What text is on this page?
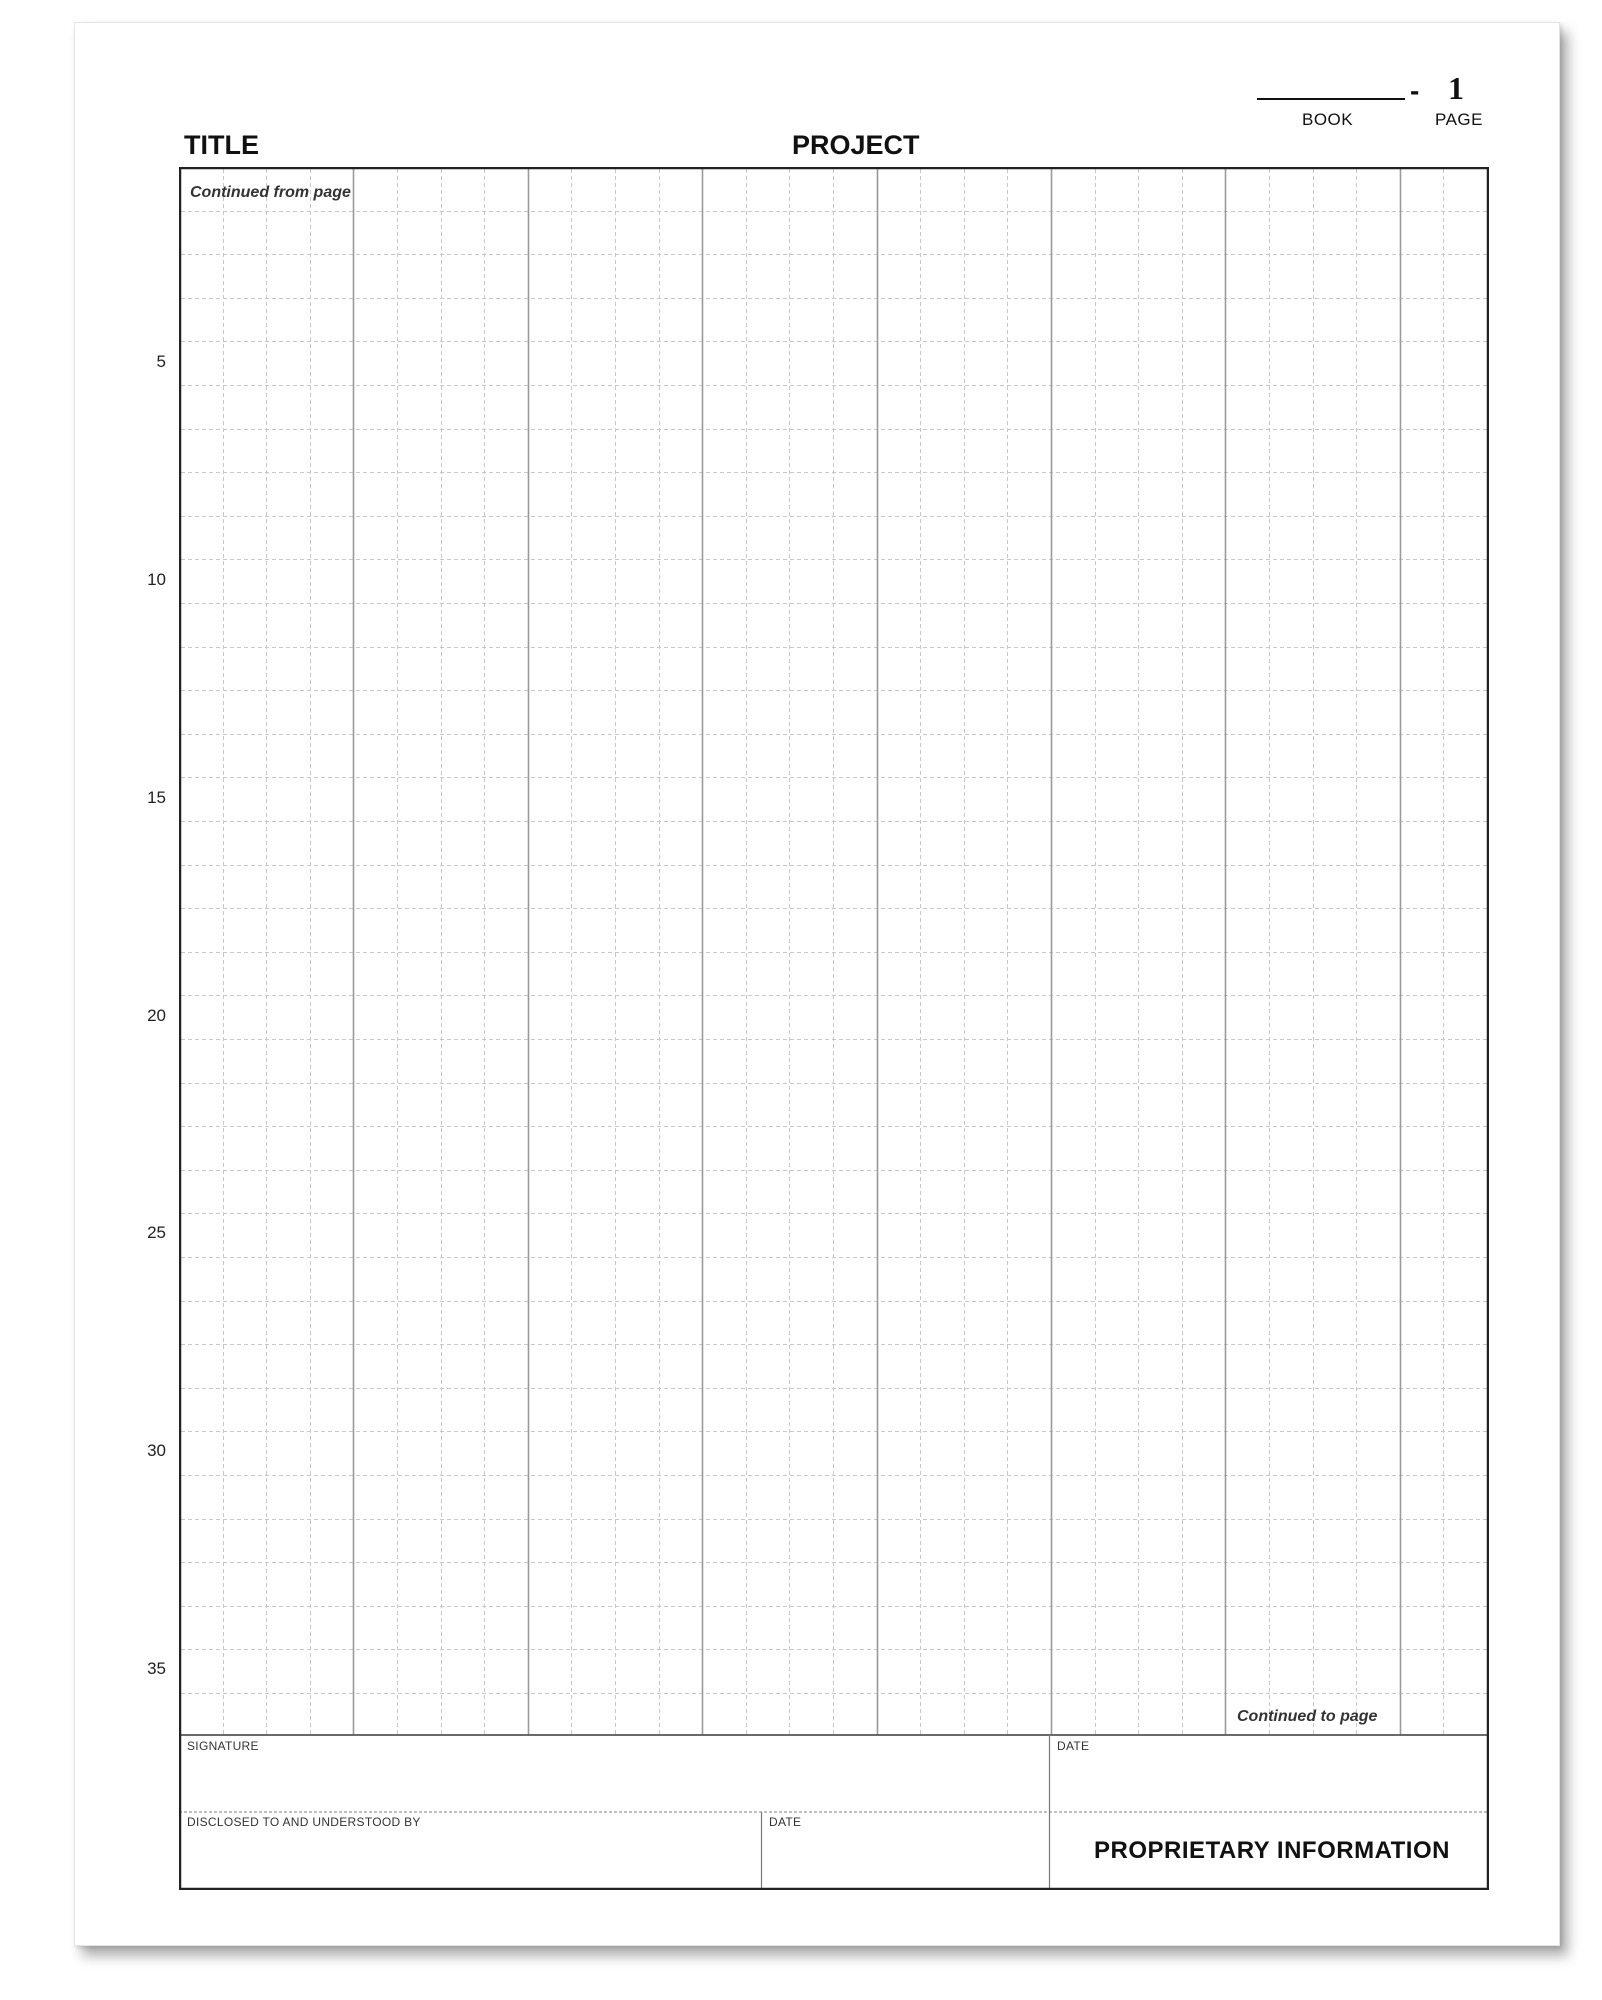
- 1
BOOK	PAGE
TITLE	PROJECT
5
10
15
20
25
30
35
Continued from page
Continued to page
SIGNATURE	DATE
DISCLOSED TO AND UNDERSTOOD BY	DATE
PROPRIETARY INFORMATION
